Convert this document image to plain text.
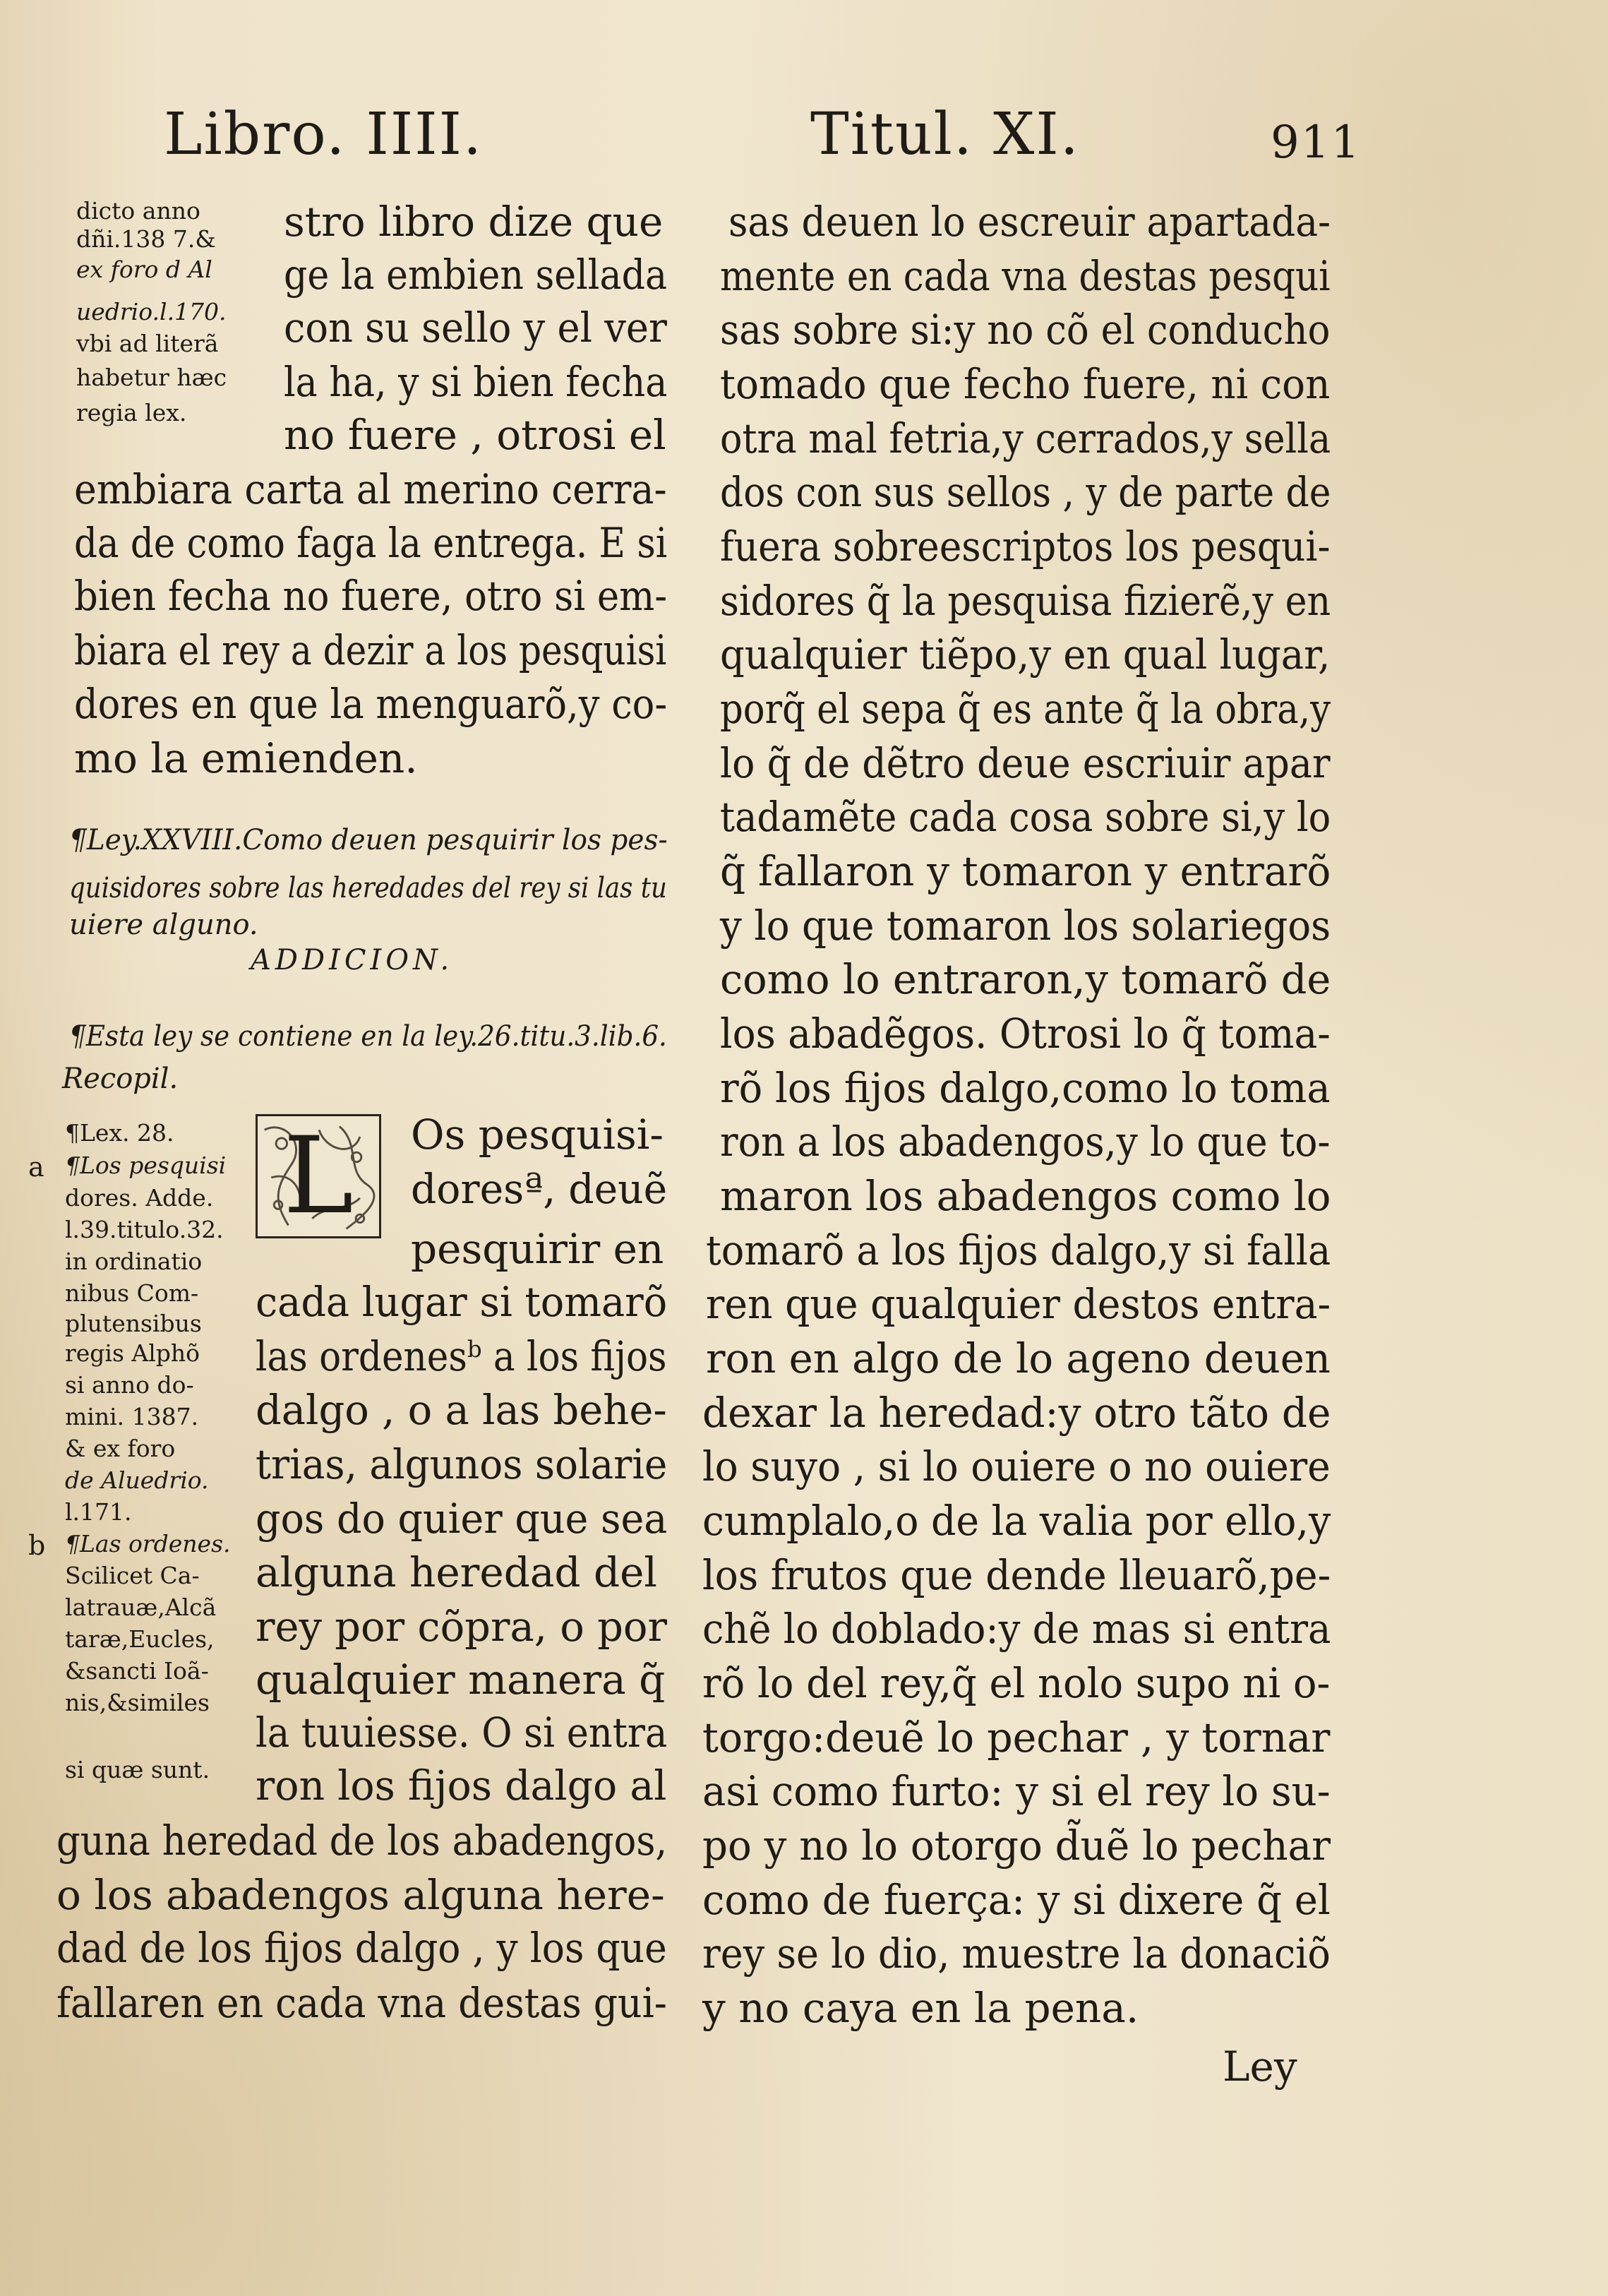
Libro. IIII.	Titul. XI.	911
dicto anno
dñi.138 7.&
ex foro d Al
uedrio.l.170.
vbi ad literã
habetur hæc
regia lex.
stro libro dize que
ge la embien sellada
con su sello y el ver
la ha, y si bien fecha
no fuere , otrosi el
embiara carta al merino cerra-
da de como faga la entrega. E si
bien fecha no fuere, otro si em-
biara el rey a dezir a los pesquisi
dores en que la menguarõ,y co-
mo la emienden.
¶Ley.XXVIII.Como deuen pesquirir los pes-
quisidores sobre las heredades del rey si las tu
uiere alguno.
ADDICION.
¶Esta ley se contiene en la ley.26.titu.3.lib.6.
Recopil.
L
¶Lex. 28.
a ¶Los pesquisi
dores. Adde.
l.39.titulo.32.
in ordinatio
nibus Com-
plutensibus
regis Alphõ
si anno do-
mini. 1387.
& ex foro
de Aluedrio.
l.171.
b ¶Las ordenes.
Scilicet Ca-
latrauæ,Alcã
taræ,Eucles,
&sancti Ioã-
nis,&similes
si quæ sunt.
Os pesquisi-
doresª, deuẽ
pesquirir en
cada lugar si tomarõ
las ordenesᵇ a los fijos
dalgo , o a las behe-
trias, algunos solarie
gos do quier que sea
alguna heredad del
rey por cõpra, o por
qualquier manera q̃
la tuuiesse. O si entra
ron los fijos dalgo al
guna heredad de los abadengos,
o los abadengos alguna here-
dad de los fijos dalgo , y los que
fallaren en cada vna destas gui-
sas deuen lo escreuir apartada-
mente en cada vna destas pesqui
sas sobre si:y no cõ el conducho
tomado que fecho fuere, ni con
otra mal fetria,y cerrados,y sella
dos con sus sellos , y de parte de
fuera sobreescriptos los pesqui-
sidores q̃ la pesquisa fizierẽ,y en
qualquier tiẽpo,y en qual lugar,
porq̃ el sepa q̃ es ante q̃ la obra,y
lo q̃ de dẽtro deue escriuir apar
tadamẽte cada cosa sobre si,y lo
q̃ fallaron y tomaron y entrarõ
y lo que tomaron los solariegos
como lo entraron,y tomarõ de
los abadẽgos. Otrosi lo q̃ toma-
rõ los fijos dalgo,como lo toma
ron a los abadengos,y lo que to-
maron los abadengos como lo
tomarõ a los fijos dalgo,y si falla
ren que qualquier destos entra-
ron en algo de lo ageno deuen
dexar la heredad:y otro tãto de
lo suyo , si lo ouiere o no ouiere
cumplalo,o de la valia por ello,y
los frutos que dende lleuarõ,pe-
chẽ lo doblado:y de mas si entra
rõ lo del rey,q̃ el nolo supo ni o-
torgo:deuẽ lo pechar , y tornar
asi como furto: y si el rey lo su-
po y no lo otorgo d̃uẽ lo pechar
como de fuerça: y si dixere q̃ el
rey se lo dio, muestre la donaciõ
y no caya en la pena.
Ley
